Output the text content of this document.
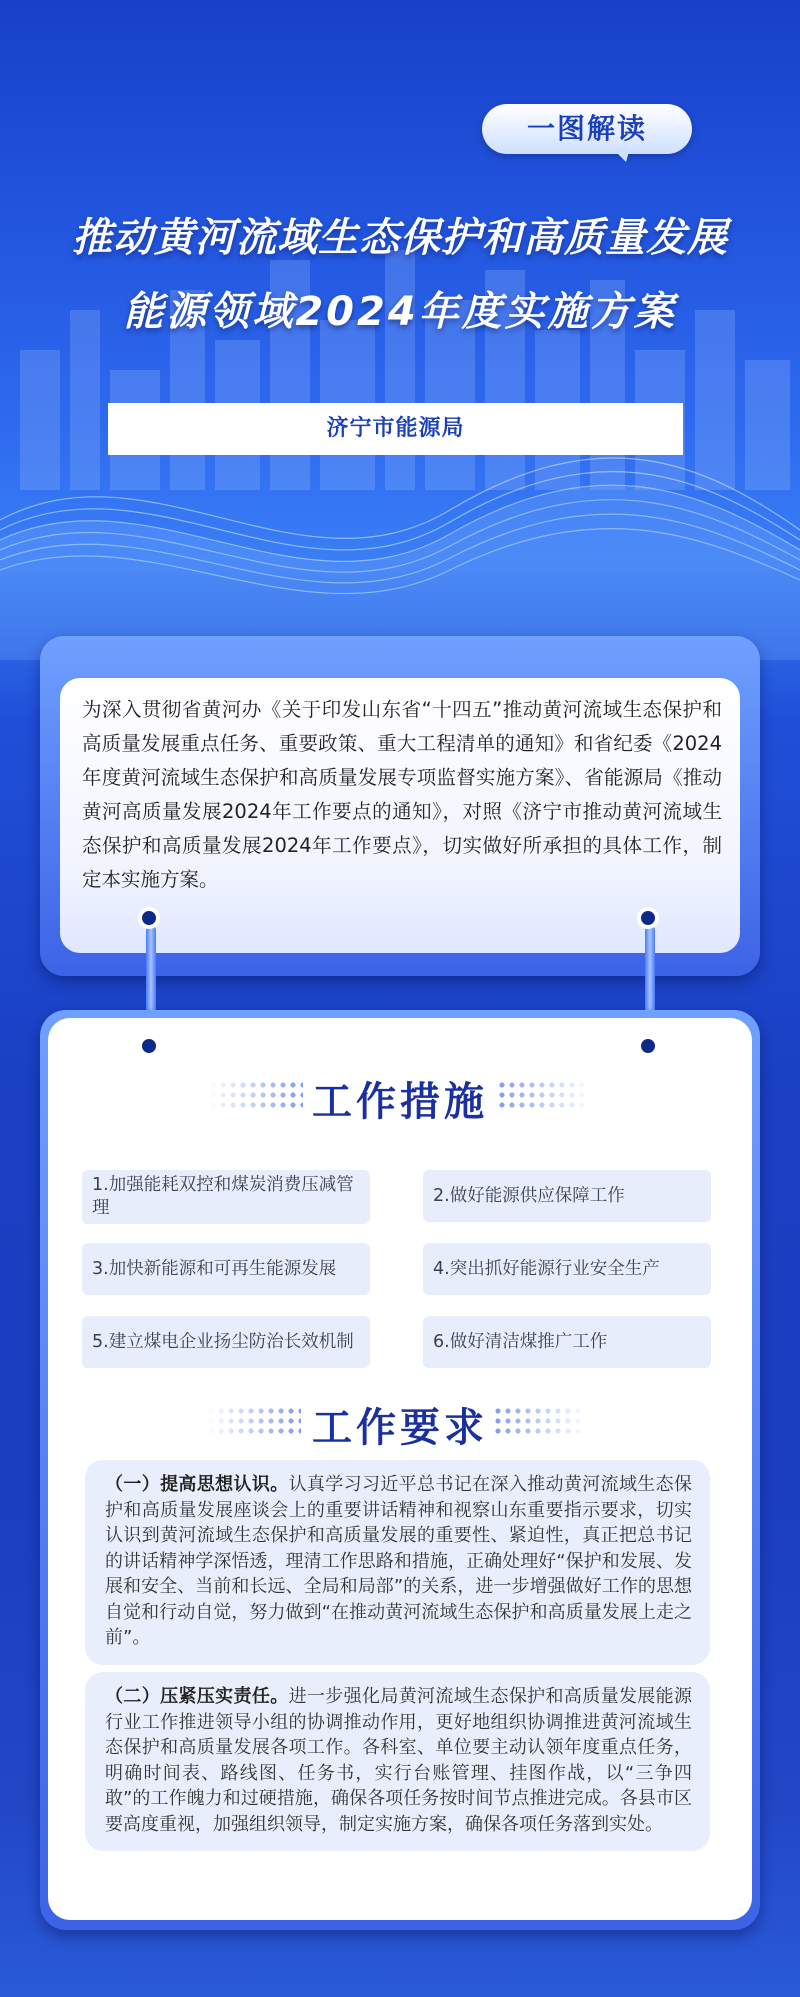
一图解读
推动黄河流域生态保护和高质量发展
能源领域2024年度实施方案
济宁市能源局
为深入贯彻省黄河办《关于印发山东省“十四五”推动黄河流域生态保护和高质量发展重点任务、重要政策、重大工程清单的通知》和省纪委《2024年度黄河流域生态保护和高质量发展专项监督实施方案》、省能源局《推动黄河高质量发展2024年工作要点的通知》，对照《济宁市推动黄河流域生态保护和高质量发展2024年工作要点》，切实做好所承担的具体工作，制定本实施方案。
工作措施
1.加强能耗双控和煤炭消费压减管理
2.做好能源供应保障工作
3.加快新能源和可再生能源发展	4.突出抓好能源行业安全生产
5.建立煤电企业扬尘防治长效机制	6.做好清洁煤推广工作
工作要求
（一）提高思想认识。认真学习习近平总书记在深入推动黄河流域生态保护和高质量发展座谈会上的重要讲话精神和视察山东重要指示要求，切实认识到黄河流域生态保护和高质量发展的重要性、紧迫性，真正把总书记的讲话精神学深悟透，理清工作思路和措施，正确处理好“保护和发展、发展和安全、当前和长远、全局和局部”的关系，进一步增强做好工作的思想自觉和行动自觉，努力做到“在推动黄河流域生态保护和高质量发展上走之前”。
（二）压紧压实责任。进一步强化局黄河流域生态保护和高质量发展能源行业工作推进领导小组的协调推动作用，更好地组织协调推进黄河流域生态保护和高质量发展各项工作。各科室、单位要主动认领年度重点任务，明确时间表、路线图、任务书，实行台账管理、挂图作战，以“三争四敢”的工作魄力和过硬措施，确保各项任务按时间节点推进完成。各县市区要高度重视，加强组织领导，制定实施方案，确保各项任务落到实处。
